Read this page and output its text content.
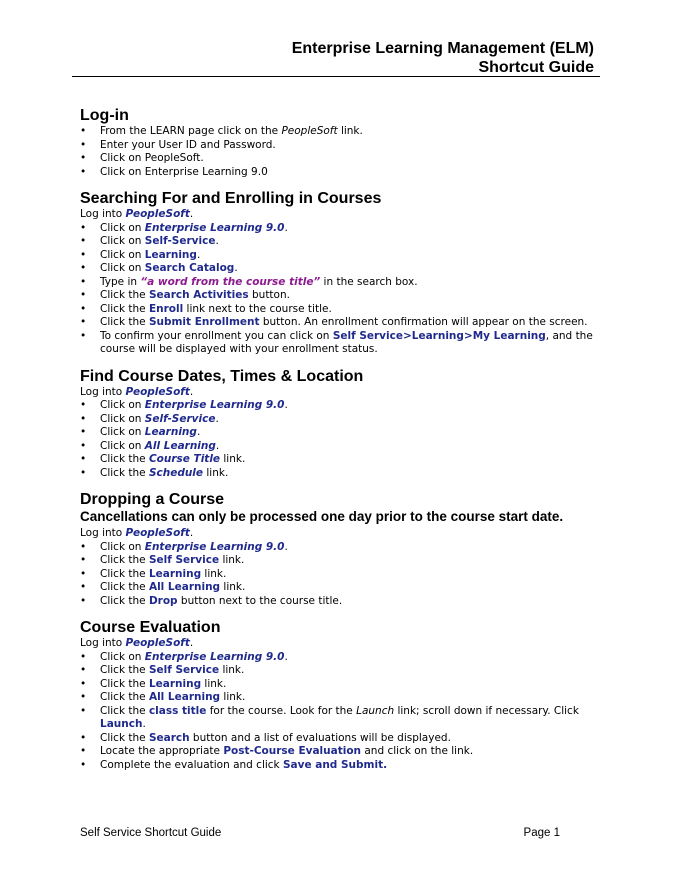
Enterprise Learning Management (ELM)
Shortcut Guide
Log-in
• From the LEARN page click on the PeopleSoft link.
• Enter your User ID and Password.
• Click on PeopleSoft.
• Click on Enterprise Learning 9.0
Searching For and Enrolling in Courses
Log into PeopleSoft.
• Click on Enterprise Learning 9.0.
• Click on Self-Service.
• Click on Learning.
• Click on Search Catalog.
• Type in “a word from the course title” in the search box.
• Click the Search Activities button.
• Click the Enroll link next to the course title.
• Click the Submit Enrollment button. An enrollment confirmation will appear on the screen.
• To confirm your enrollment you can click on Self Service>Learning>My Learning, and the course will be displayed with your enrollment status.
Find Course Dates, Times & Location
Log into PeopleSoft.
• Click on Enterprise Learning 9.0.
• Click on Self-Service.
• Click on Learning.
• Click on All Learning.
• Click the Course Title link.
• Click the Schedule link.
Dropping a Course
Cancellations can only be processed one day prior to the course start date.
Log into PeopleSoft.
• Click on Enterprise Learning 9.0.
• Click the Self Service link.
• Click the Learning link.
• Click the All Learning link.
• Click the Drop button next to the course title.
Course Evaluation
Log into PeopleSoft.
• Click on Enterprise Learning 9.0.
• Click the Self Service link.
• Click the Learning link.
• Click the All Learning link.
• Click the class title for the course. Look for the Launch link; scroll down if necessary. Click Launch.
• Click the Search button and a list of evaluations will be displayed.
• Locate the appropriate Post-Course Evaluation and click on the link.
• Complete the evaluation and click Save and Submit.
Self Service Shortcut Guide	Page 1
